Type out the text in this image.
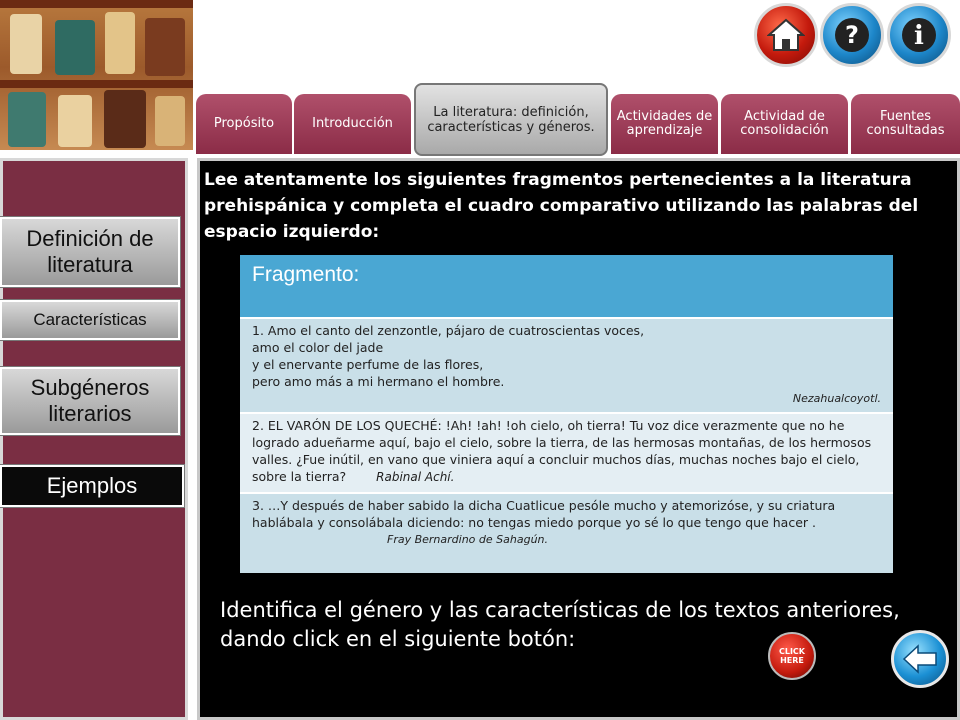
? i
Propósito	Introducción
La literatura: definición, características y géneros.
Actividades de aprendizaje
Actividad de consolidación
Fuentes consultadas
Definición de literatura
Características
Subgéneros literarios
Ejemplos
Lee atentamente los siguientes fragmentos pertenecientes a la literatura prehispánica y completa el cuadro comparativo utilizando las palabras del espacio izquierdo:
Fragmento:
1. Amo el canto del zenzontle, pájaro de cuatroscientas voces,
amo el color del jade
y el enervante perfume de las flores,
pero amo más a mi hermano el hombre.
Nezahualcoyotl.
2. EL VARÓN DE LOS QUECHÉ: !Ah! !ah! !oh cielo, oh tierra! Tu voz dice verazmente que no he logrado adueñarme aquí, bajo el cielo, sobre la tierra, de las hermosas montañas, de los hermosos valles. ¿Fue inútil, en vano que viniera aquí a concluir muchos días, muchas noches bajo el cielo, sobre la tierra? Rabinal Achí.
3. …Y después de haber sabido la dicha Cuatlicue pesóle mucho y atemorizóse, y su criatura hablábala y consolábala diciendo: no tengas miedo porque yo sé lo que tengo que hacer .
Fray Bernardino de Sahagún.
Identifica el género y las características de los textos anteriores, dando click en el siguiente botón:
CLICK HERE
